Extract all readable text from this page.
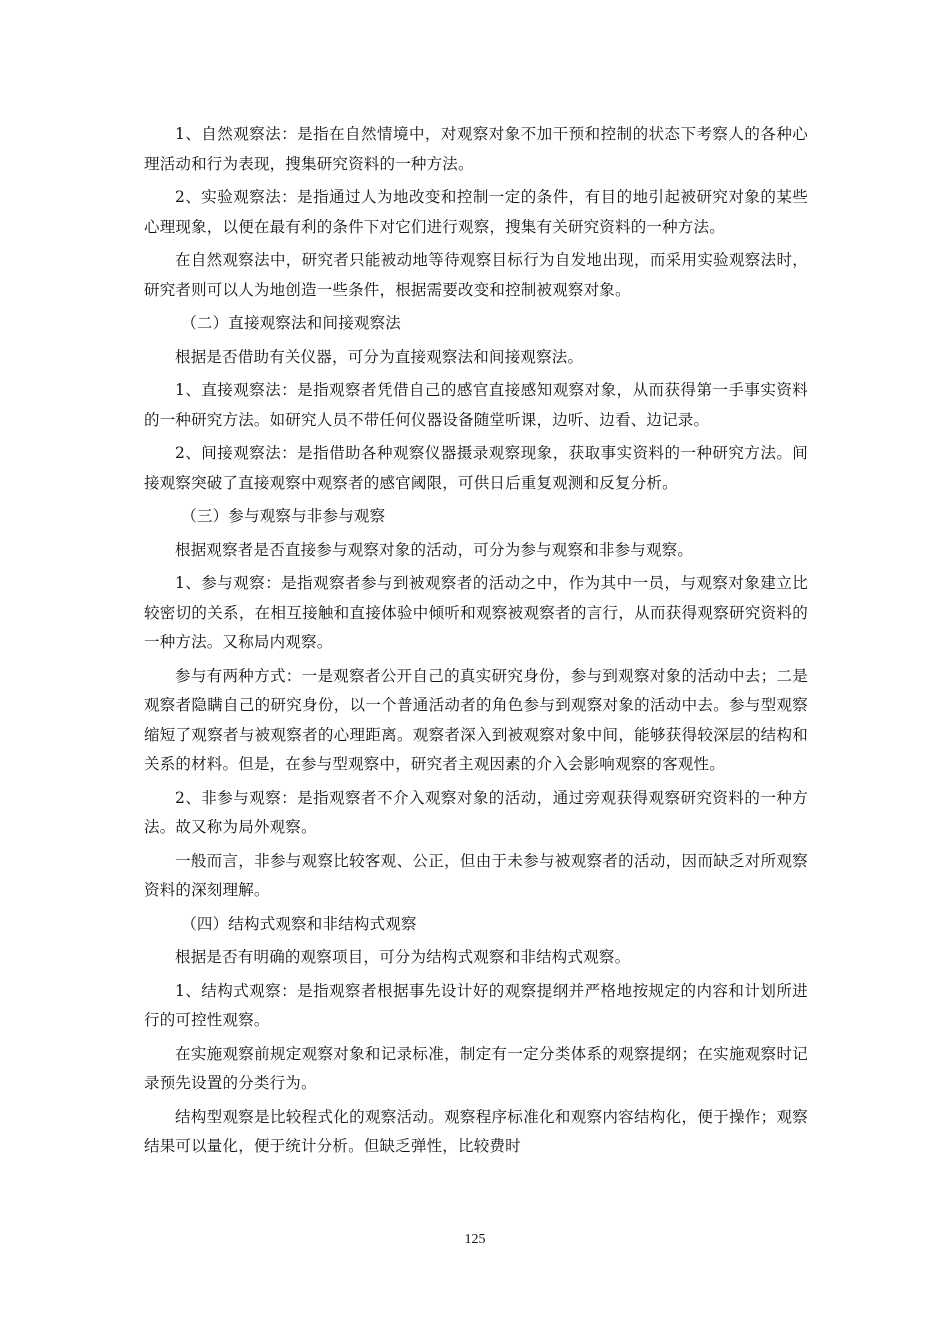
1、自然观察法：是指在自然情境中，对观察对象不加干预和控制的状态下考察人的各种心理活动和行为表现，搜集研究资料的一种方法。

2、实验观察法：是指通过人为地改变和控制一定的条件，有目的地引起被研究对象的某些心理现象，以便在最有利的条件下对它们进行观察，搜集有关研究资料的一种方法。

在自然观察法中，研究者只能被动地等待观察目标行为自发地出现，而采用实验观察法时，研究者则可以人为地创造一些条件，根据需要改变和控制被观察对象。

（二）直接观察法和间接观察法

根据是否借助有关仪器，可分为直接观察法和间接观察法。

1、直接观察法：是指观察者凭借自己的感官直接感知观察对象，从而获得第一手事实资料的一种研究方法。如研究人员不带任何仪器设备随堂听课，边听、边看、边记录。

2、间接观察法：是指借助各种观察仪器摄录观察现象，获取事实资料的一种研究方法。间接观察突破了直接观察中观察者的感官阈限，可供日后重复观测和反复分析。

（三）参与观察与非参与观察

根据观察者是否直接参与观察对象的活动，可分为参与观察和非参与观察。

1、参与观察：是指观察者参与到被观察者的活动之中，作为其中一员，与观察对象建立比较密切的关系，在相互接触和直接体验中倾听和观察被观察者的言行，从而获得观察研究资料的一种方法。又称局内观察。

参与有两种方式：一是观察者公开自己的真实研究身份，参与到观察对象的活动中去；二是观察者隐瞒自己的研究身份，以一个普通活动者的角色参与到观察对象的活动中去。参与型观察缩短了观察者与被观察者的心理距离。观察者深入到被观察对象中间，能够获得较深层的结构和关系的材料。但是，在参与型观察中，研究者主观因素的介入会影响观察的客观性。

2、非参与观察：是指观察者不介入观察对象的活动，通过旁观获得观察研究资料的一种方法。故又称为局外观察。

一般而言，非参与观察比较客观、公正，但由于未参与被观察者的活动，因而缺乏对所观察资料的深刻理解。

（四）结构式观察和非结构式观察

根据是否有明确的观察项目，可分为结构式观察和非结构式观察。

1、结构式观察：是指观察者根据事先设计好的观察提纲并严格地按规定的内容和计划所进行的可控性观察。

在实施观察前规定观察对象和记录标准，制定有一定分类体系的观察提纲；在实施观察时记录预先设置的分类行为。

结构型观察是比较程式化的观察活动。观察程序标准化和观察内容结构化，便于操作；观察结果可以量化，便于统计分析。但缺乏弹性，比较费时

125
